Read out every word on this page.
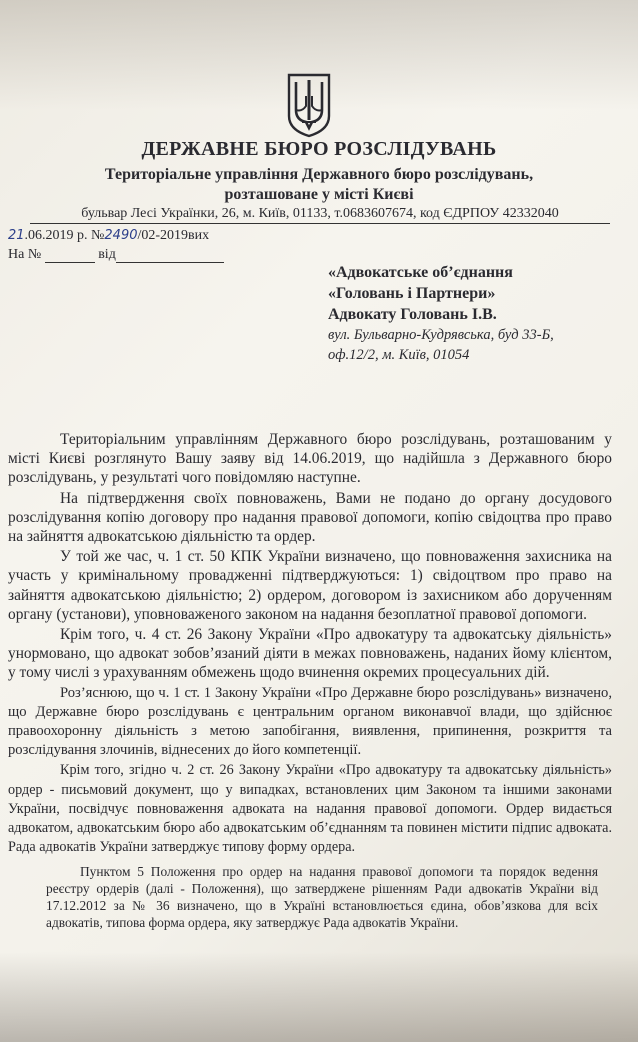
ДЕРЖАВНЕ БЮРО РОЗСЛІДУВАНЬ
Територіальне управління Державного бюро розслідувань,
розташоване у місті Києві
бульвар Лесі Українки, 26, м. Київ, 01133, т.0683607674, код ЄДРПОУ 42332040
21.06.2019 р. №2490/02-2019вих
На №	від
«Адвокатське об’єднання
«Головань і Партнери»
Адвокату Головань І.В.
вул. Бульварно-Кудрявська, буд 33-Б,
оф.12/2, м. Київ, 01054

Територіальним управлінням Державного бюро розслідувань, розташованим у місті Києві розглянуто Вашу заяву від 14.06.2019, що надійшла з Державного бюро розслідувань, у результаті чого повідомляю наступне.

На підтвердження своїх повноважень, Вами не подано до органу досудового розслідування копію договору про надання правової допомоги, копію свідоцтва про право на зайняття адвокатською діяльністю та ордер.

У той же час, ч. 1 ст. 50 КПК України визначено, що повноваження захисника на участь у кримінальному провадженні підтверджуються: 1) свідоцтвом про право на зайняття адвокатською діяльністю; 2) ордером, договором із захисником або дорученням органу (установи), уповноваженого законом на надання безоплатної правової допомоги.

Крім того, ч. 4 ст. 26 Закону України «Про адвокатуру та адвокатську діяльність» унормовано, що адвокат зобов’язаний діяти в межах повноважень, наданих йому клієнтом, у тому числі з урахуванням обмежень щодо вчинення окремих процесуальних дій.

Роз’яснюю, що ч. 1 ст. 1 Закону України «Про Державне бюро розслідувань» визначено, що Державне бюро розслідувань є центральним органом виконавчої влади, що здійснює правоохоронну діяльність з метою запобігання, виявлення, припинення, розкриття та розслідування злочинів, віднесених до його компетенції.

Крім того, згідно ч. 2 ст. 26 Закону України «Про адвокатуру та адвокатську діяльність» ордер - письмовий документ, що у випадках, встановлених цим Законом та іншими законами України, посвідчує повноваження адвоката на надання правової допомоги. Ордер видається адвокатом, адвокатським бюро або адвокатським об’єднанням та повинен містити підпис адвоката. Рада адвокатів України затверджує типову форму ордера.

Пунктом 5 Положення про ордер на надання правової допомоги та порядок ведення реєстру ордерів (далі - Положення), що затверджене рішенням Ради адвокатів України від 17.12.2012 за № 36 визначено, що в Україні встановлюється єдина, обов’язкова для всіх адвокатів, типова форма ордера, яку затверджує Рада адвокатів України.
